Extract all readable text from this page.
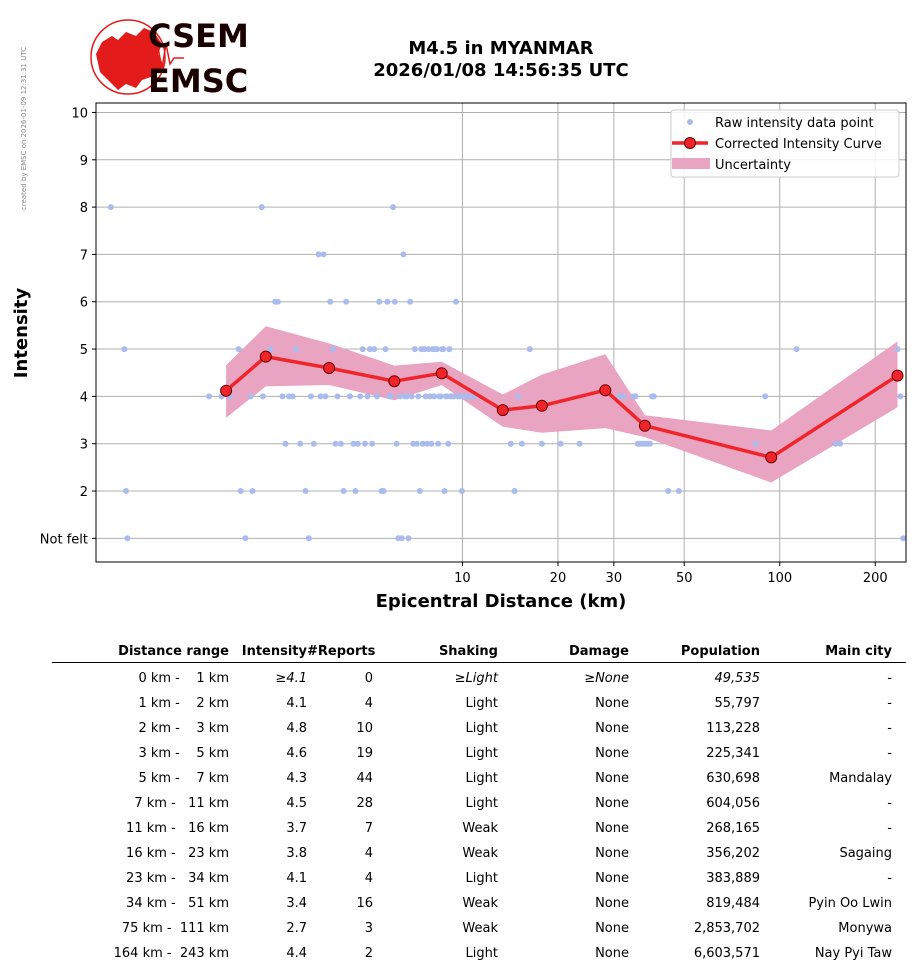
created by EMSC on 2026-01-09 12:31:31 UTC
CSEM
EMSC
M4.5 in MYANMAR
2026/01/08 14:56:35 UTC
Not felt
2
3
4
5
6
7
8
9
10
10	20	30	50	100	200
Epicentral Distance (km)
Intensity
Raw intensity data point
Corrected Intensity Curve
Uncertainty
Distance range Intensity #Reports	Shaking	Damage	Population	Main city
0 km -    1 km	≥4.1	0	≥Light	≥None	49,535	-
1 km -    2 km	4.1	4	Light	None	55,797	-
2 km -    3 km	4.8	10	Light	None	113,228	-
3 km -    5 km	4.6	19	Light	None	225,341	-
5 km -    7 km	4.3	44	Light	None	630,698	Mandalay
7 km -   11 km	4.5	28	Light	None	604,056	-
11 km -   16 km	3.7	7	Weak	None	268,165	-
16 km -   23 km	3.8	4	Weak	None	356,202	Sagaing
23 km -   34 km	4.1	4	Light	None	383,889	-
34 km -   51 km	3.4	16	Weak	None	819,484	Pyin Oo Lwin
75 km -  111 km	2.7	3	Weak	None	2,853,702	Monywa
164 km -  243 km	4.4	2	Light	None	6,603,571	Nay Pyi Taw
